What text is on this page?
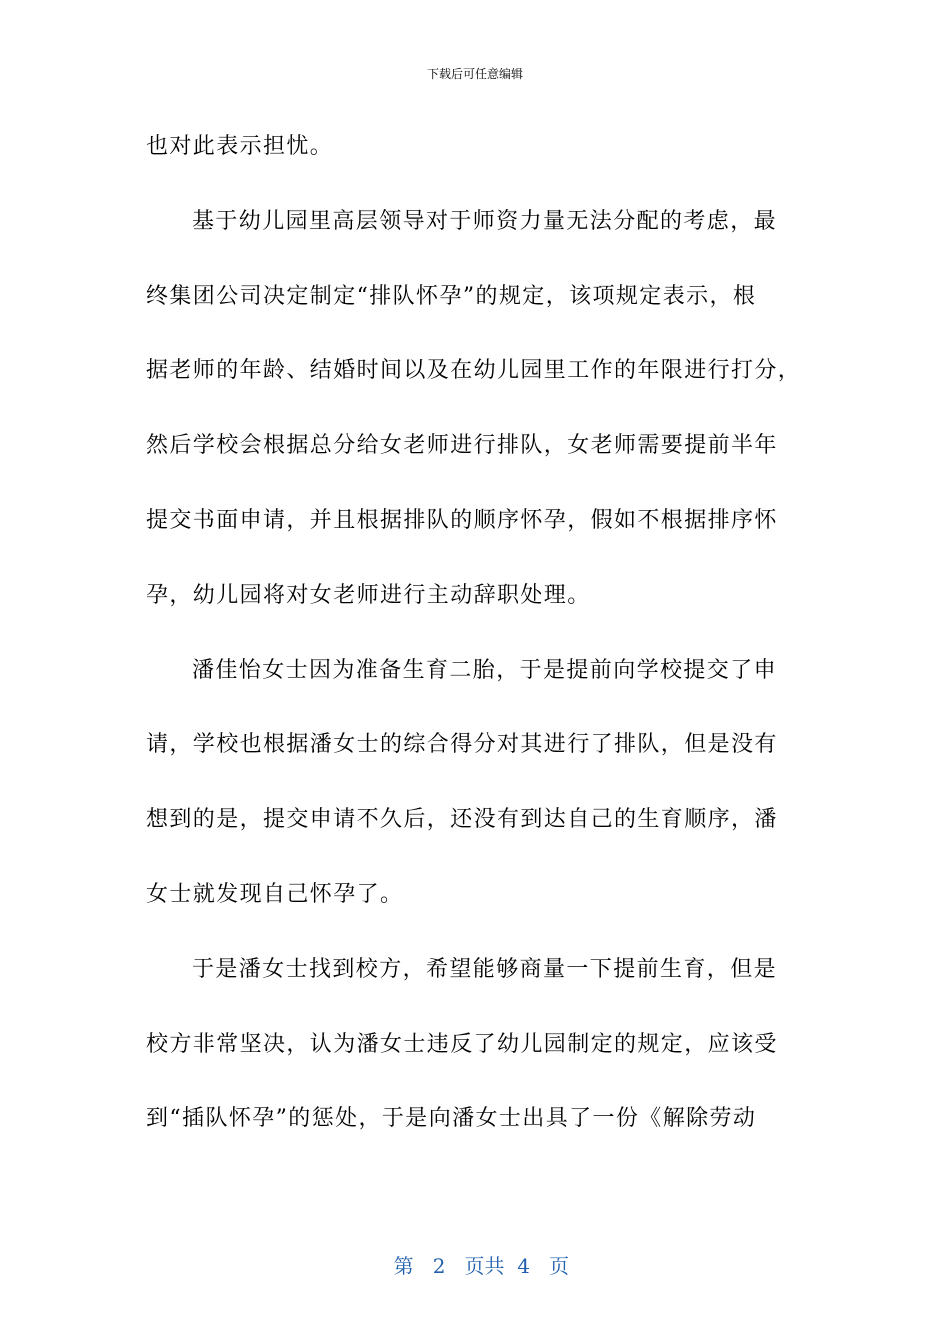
下载后可任意编辑
也对此表示担忧。
基于幼儿园里高层领导对于师资力量无法分配的考虑，最
终集团公司决定制定“排队怀孕”的规定，该项规定表示，根
据老师的年龄、结婚时间以及在幼儿园里工作的年限进行打分，
然后学校会根据总分给女老师进行排队，女老师需要提前半年
提交书面申请，并且根据排队的顺序怀孕，假如不根据排序怀
孕，幼儿园将对女老师进行主动辞职处理。
潘佳怡女士因为准备生育二胎，于是提前向学校提交了申
请，学校也根据潘女士的综合得分对其进行了排队，但是没有
想到的是，提交申请不久后，还没有到达自己的生育顺序，潘
女士就发现自己怀孕了。
于是潘女士找到校方，希望能够商量一下提前生育，但是
校方非常坚决，认为潘女士违反了幼儿园制定的规定，应该受
到“插队怀孕”的惩处，于是向潘女士出具了一份《解除劳动

第 2 页共 4 页
